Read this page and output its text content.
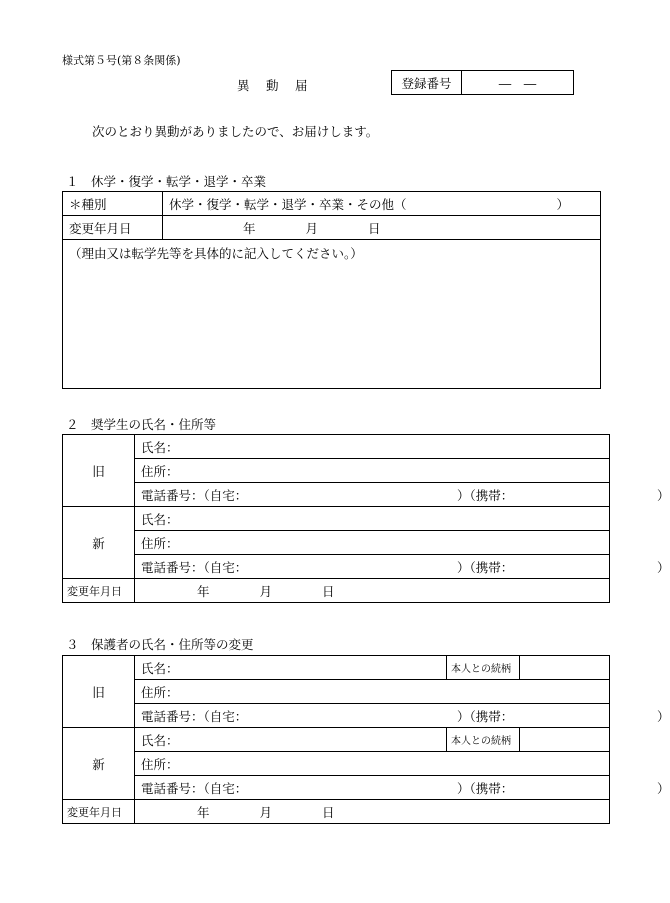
様式第５号(第８条関係)
異　動　届	登録番号	―　―
次のとおり異動がありましたので、お届けします。
１　休学・復学・転学・退学・卒業
＊種別	休学・復学・転学・退学・卒業・その他（　　　　　　　　　　　　）
変更年月日	年　　　　月　　　　日
（理由又は転学先等を具体的に記入してください。）	
２　奨学生の氏名・住所等
旧	氏名：
	住所：
	電話番号：（自宅： ）（携帯： ）

新	氏名：
	住所：
	電話番号：（自宅： ）（携帯： ）

変更年月日	年　　　　月　　　　日
３　保護者の氏名・住所等の変更
旧	氏名：	本人との続柄	
	住所：		
	電話番号：（自宅： ）（携帯： ）		

新	氏名：	本人との続柄	
	住所：		
	電話番号：（自宅： ）（携帯： ）		

変更年月日	年　　　　月　　　　日		
